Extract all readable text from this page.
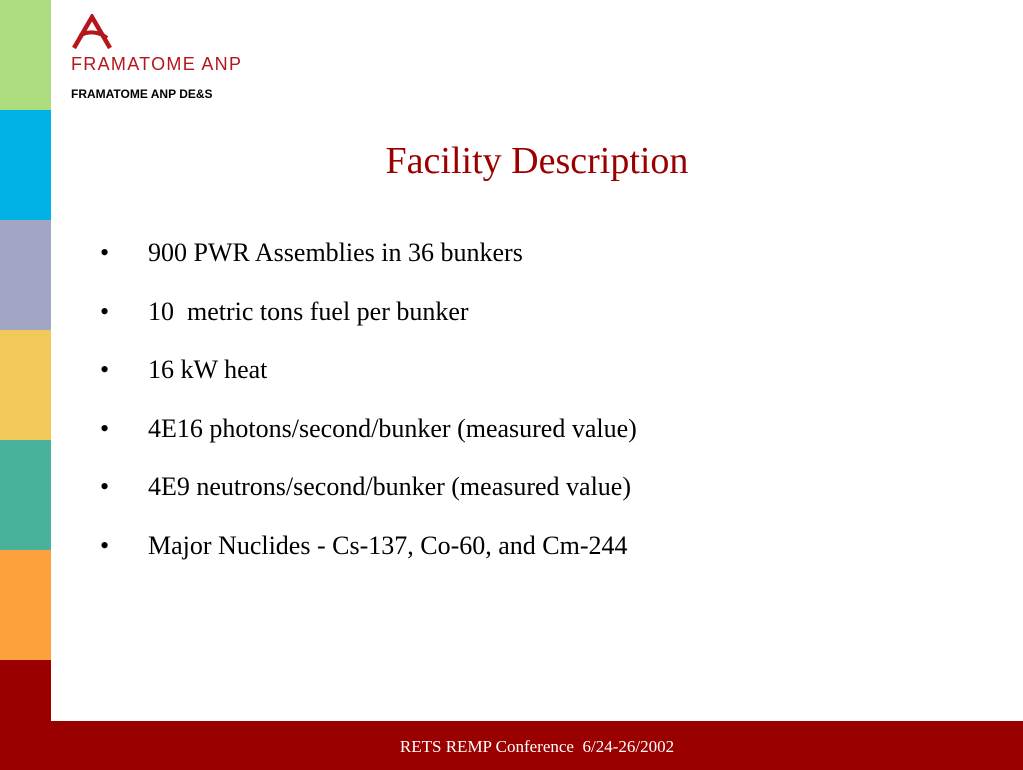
FRAMATOME ANP
FRAMATOME ANP DE&S
Facility Description

•

900 PWR Assemblies in 36 bunkers

•

10  metric tons fuel per bunker

•

16 kW heat

•

4E16 photons/second/bunker (measured value)

•

4E9 neutrons/second/bunker (measured value)

•

Major Nuclides - Cs-137, Co-60, and Cm-244

RETS REMP Conference  6/24-26/2002
